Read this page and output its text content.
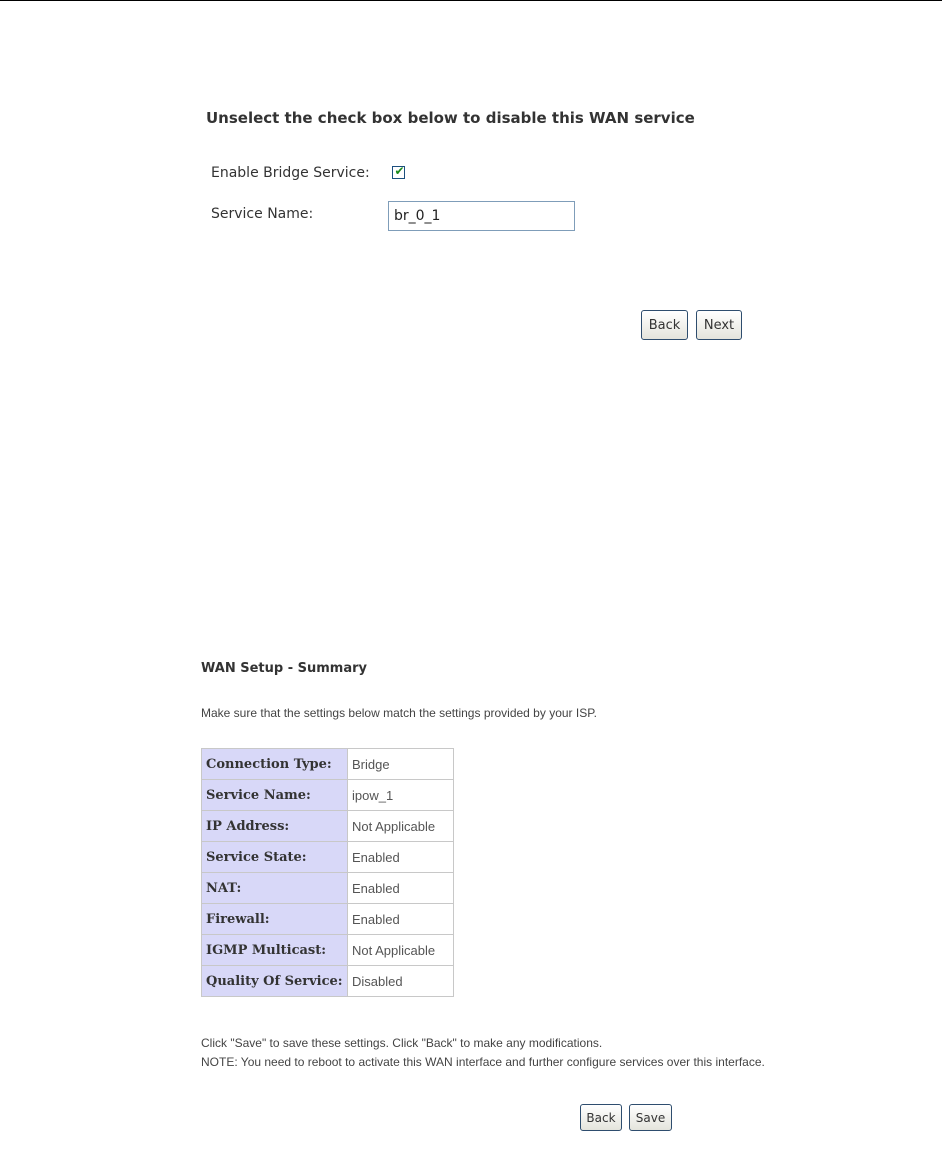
Unselect the check box below to disable this WAN service
Enable Bridge Service: ✔
Service Name:
br_0_1
Back	Next
WAN Setup - Summary
Make sure that the settings below match the settings provided by your ISP.
Connection Type:	Bridge
Service Name:	ipow_1
IP Address:	Not Applicable
Service State:	Enabled
NAT:	Enabled
Firewall:	Enabled
IGMP Multicast:	Not Applicable
Quality Of Service:	Disabled
Click "Save" to save these settings. Click "Back" to make any modifications.
NOTE: You need to reboot to activate this WAN interface and further configure services over this interface.
Back	Save
